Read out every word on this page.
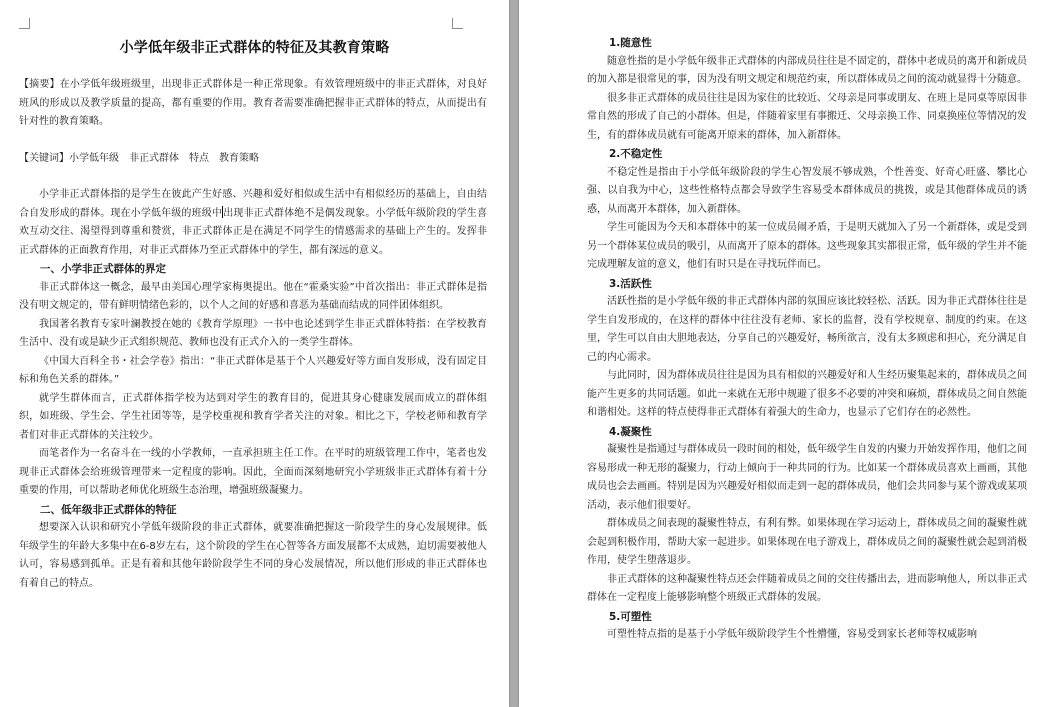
小学低年级非正式群体的特征及其教育策略

【摘要】在小学低年级班级里，出现非正式群体是一种正常现象。有效管理班级中的非正式群体，对良好班风的形成以及教学质量的提高，都有重要的作用。教育者需要准确把握非正式群体的特点，从而提出有针对性的教育策略。

【关键词】小学低年级　非正式群体　特点　教育策略

小学非正式群体指的是学生在彼此产生好感、兴趣和爱好相似或生活中有相似经历的基础上，自由结合自发形成的群体。现在小学低年级的班级中出现非正式群体绝不是偶发现象。小学低年级阶段的学生喜欢互动交往、渴望得到尊重和赞赏，非正式群体正是在满足不同学生的情感需求的基础上产生的。发挥非正式群体的正面教育作用，对非正式群体乃至正式群体中的学生，都有深远的意义。

一、小学非正式群体的界定

非正式群体这一概念，最早由美国心理学家梅奥提出。他在“霍桑实验”中首次指出：非正式群体是指没有明文规定的，带有鲜明情绪色彩的，以个人之间的好感和喜恶为基础而结成的同伴团体组织。

我国著名教育专家叶澜教授在她的《教育学原理》一书中也论述到学生非正式群体特指：在学校教育生活中、没有或是缺少正式组织规范、教师也没有正式介入的一类学生群体。

《中国大百科全书・社会学卷》指出：“非正式群体是基于个人兴趣爱好等方面自发形成，没有固定目标和角色关系的群体。”

就学生群体而言，正式群体指学校为达到对学生的教育目的，促进其身心健康发展而成立的群体组织，如班级、学生会、学生社团等等，是学校重视和教育学者关注的对象。相比之下，学校老师和教育学者们对非正式群体的关注较少。

而笔者作为一名奋斗在一线的小学教师，一直承担班主任工作。在平时的班级管理工作中，笔者也发现非正式群体会给班级管理带来一定程度的影响。因此，全面而深刻地研究小学班级非正式群体有着十分重要的作用，可以帮助老师优化班级生态治理，增强班级凝聚力。

二、低年级非正式群体的特征

想要深入认识和研究小学低年级阶段的非正式群体，就要准确把握这一阶段学生的身心发展规律。低年级学生的年龄大多集中在6-8岁左右，这个阶段的学生在心智等各方面发展都不太成熟，迫切需要被他人认可，容易感到孤单。正是有着和其他年龄阶段学生不同的身心发展情况，所以他们形成的非正式群体也有着自己的特点。

1.随意性

随意性指的是小学低年级非正式群体的内部成员往往是不固定的，群体中老成员的离开和新成员的加入都是很常见的事，因为没有明文规定和规范约束，所以群体成员之间的流动就显得十分随意。

很多非正式群体的成员往往是因为家住的比较近、父母亲是同事或朋友、在班上是同桌等原因非常自然的形成了自己的小群体。但是，伴随着家里有事搬迁、父母亲换工作、同桌换座位等情况的发生，有的群体成员就有可能离开原来的群体，加入新群体。

2.不稳定性

不稳定性是指由于小学低年级阶段的学生心智发展不够成熟，个性善变、好奇心旺盛、攀比心强、以自我为中心，这些性格特点都会导致学生容易受本群体成员的挑拨，或是其他群体成员的诱惑，从而离开本群体，加入新群体。

学生可能因为今天和本群体中的某一位成员闹矛盾，于是明天就加入了另一个新群体，或是受到另一个群体某位成员的吸引，从而离开了原本的群体。这些现象其实都很正常，低年级的学生并不能完成理解友谊的意义，他们有时只是在寻找玩伴而已。

3.活跃性

活跃性指的是小学低年级的非正式群体内部的氛围应该比较轻松、活跃。因为非正式群体往往是学生自发形成的，在这样的群体中往往没有老师、家长的监督，没有学校规章、制度的约束。在这里，学生可以自由大胆地表达，分享自己的兴趣爱好，畅所欲言，没有太多顾虑和担心，充分满足自己的内心需求。

与此同时，因为群体成员往往是因为具有相似的兴趣爱好和人生经历聚集起来的，群体成员之间能产生更多的共同话题。如此一来就在无形中规避了很多不必要的冲突和麻烦，群体成员之间自然能和谐相处。这样的特点使得非正式群体有着强大的生命力，也显示了它们存在的必然性。

4.凝聚性

凝聚性是指通过与群体成员一段时间的相处，低年级学生自发的内聚力开始发挥作用，他们之间容易形成一种无形的凝聚力，行动上倾向于一种共同的行为。比如某一个群体成员喜欢上画画，其他成员也会去画画。特别是因为兴趣爱好相似而走到一起的群体成员，他们会共同参与某个游戏或某项活动，表示他们很要好。

群体成员之间表现的凝聚性特点，有利有弊。如果体现在学习运动上，群体成员之间的凝聚性就会起到积极作用，帮助大家一起进步。如果体现在电子游戏上，群体成员之间的凝聚性就会起到消极作用，使学生堕落退步。

非正式群体的这种凝聚性特点还会伴随着成员之间的交往传播出去，进而影响他人，所以非正式群体在一定程度上能够影响整个班级正式群体的发展。

5.可塑性

可塑性特点指的是基于小学低年级阶段学生个性懵懂，容易受到家长老师等权威影响
